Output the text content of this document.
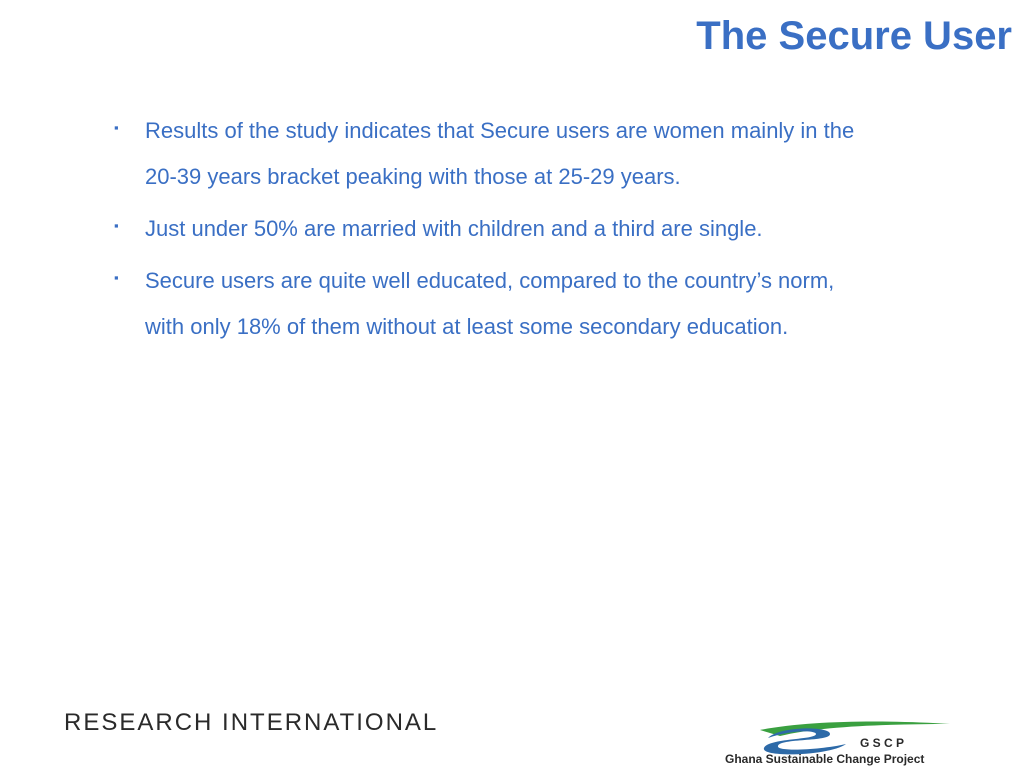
The Secure User
▪ Results of the study indicates that Secure users are women mainly in the
20-39 years bracket peaking with those at 25-29 years.
▪ Just under 50% are married with children and a third are single.
▪ Secure users are quite well educated, compared to the country’s norm,
with only 18% of them without at least some secondary education.
RESEARCH INTERNATIONAL
G S C P
Ghana Sustainable Change Project
